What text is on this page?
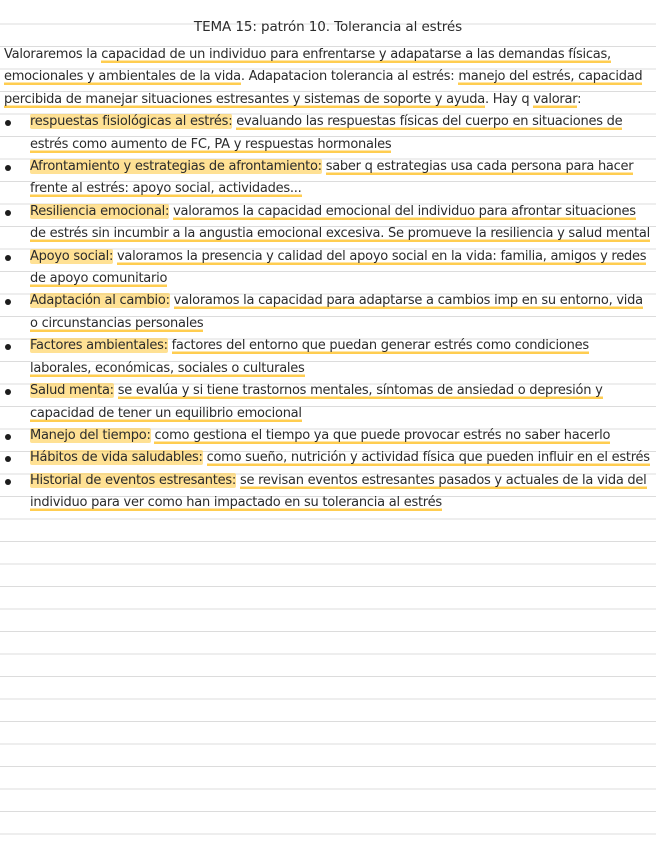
TEMA 15: patrón 10. Tolerancia al estrés

Valoraremos la capacidad de un individuo para enfrentarse y adapatarse a las demandas físicas, emocionales y ambientales de la vida. Adapatacion tolerancia al estrés: manejo del estrés, capacidad percibida de manejar situaciones estresantes y sistemas de soporte y ayuda. Hay q valorar:

respuestas fisiológicas al estrés: evaluando las respuestas físicas del cuerpo en situaciones de estrés como aumento de FC, PA y respuestas hormonales
Afrontamiento y estrategias de afrontamiento: saber q estrategias usa cada persona para hacer frente al estrés: apoyo social, actividades...
Resiliencia emocional: valoramos la capacidad emocional del individuo para afrontar situaciones de estrés sin incumbir a la angustia emocional excesiva. Se promueve la resiliencia y salud mental
Apoyo social: valoramos la presencia y calidad del apoyo social en la vida: familia, amigos y redes de apoyo comunitario
Adaptación al cambio: valoramos la capacidad para adaptarse a cambios imp en su entorno, vida o circunstancias personales
Factores ambientales: factores del entorno que puedan generar estrés como condiciones laborales, económicas, sociales o culturales
Salud menta: se evalúa y si tiene trastornos mentales, síntomas de ansiedad o depresión y capacidad de tener un equilibrio emocional
Manejo del tiempo: como gestiona el tiempo ya que puede provocar estrés no saber hacerlo
Hábitos de vida saludables: como sueño, nutrición y actividad física que pueden influir en el estrés
Historial de eventos estresantes: se revisan eventos estresantes pasados y actuales de la vida del individuo para ver como han impactado en su tolerancia al estrés
